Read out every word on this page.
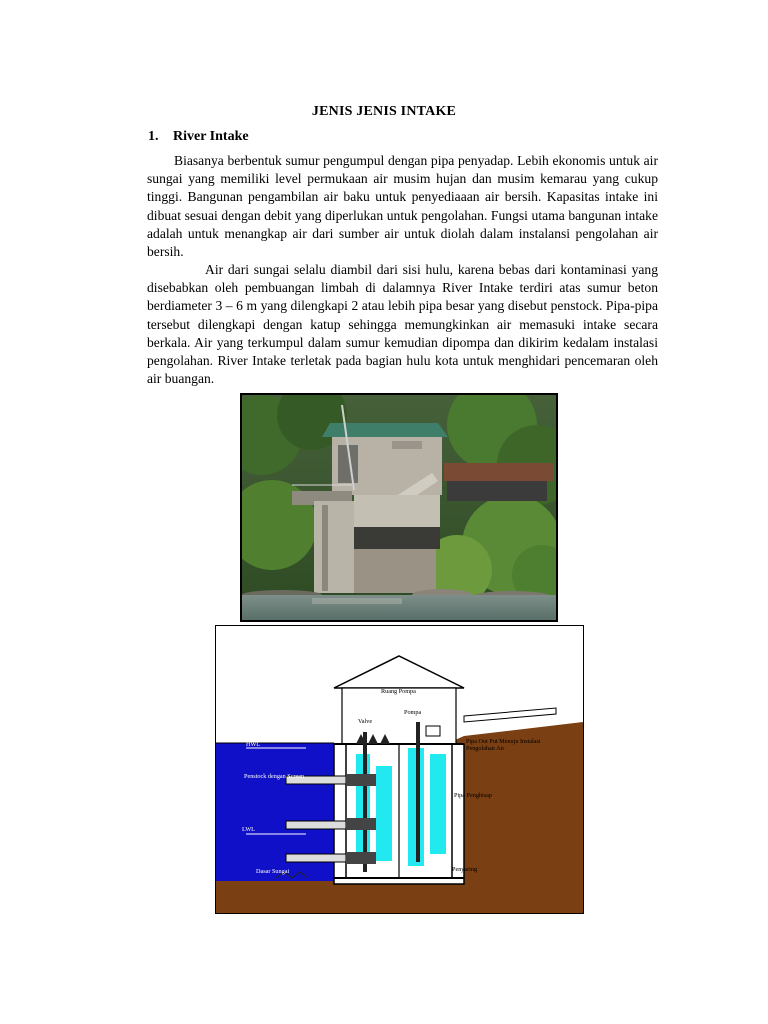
JENIS JENIS INTAKE
1. River Intake

Biasanya berbentuk sumur pengumpul dengan pipa penyadap. Lebih ekonomis untuk air sungai yang memiliki level permukaan air musim hujan dan musim kemarau yang cukup tinggi. Bangunan pengambilan air baku untuk penyediaaan air bersih. Kapasitas intake ini dibuat sesuai dengan debit yang diperlukan untuk pengolahan. Fungsi utama bangunan intake adalah untuk menangkap air dari sumber air untuk diolah dalam instalansi pengolahan air bersih.

Air dari sungai selalu diambil dari sisi hulu, karena bebas dari kontaminasi yang disebabkan oleh pembuangan limbah di dalamnya River Intake terdiri atas sumur beton berdiameter 3 – 6 m yang dilengkapi 2 atau lebih pipa besar yang disebut penstock. Pipa-pipa tersebut dilengkapi dengan katup sehingga memungkinkan air memasuki intake secara berkala. Air yang terkumpul dalam sumur kemudian dipompa dan dikirim kedalam instalasi pengolahan. River Intake terletak pada bagian hulu kota untuk menghidari pencemaran oleh air buangan.

Ruang Pompa
Pompa
Valve
HWL
Penstock dengan Screen
LWL
Dasar Sungai
Pipa Out Put Menuju Instalasi Pengolahan Air
Pipa Penghisap
Penyaring
